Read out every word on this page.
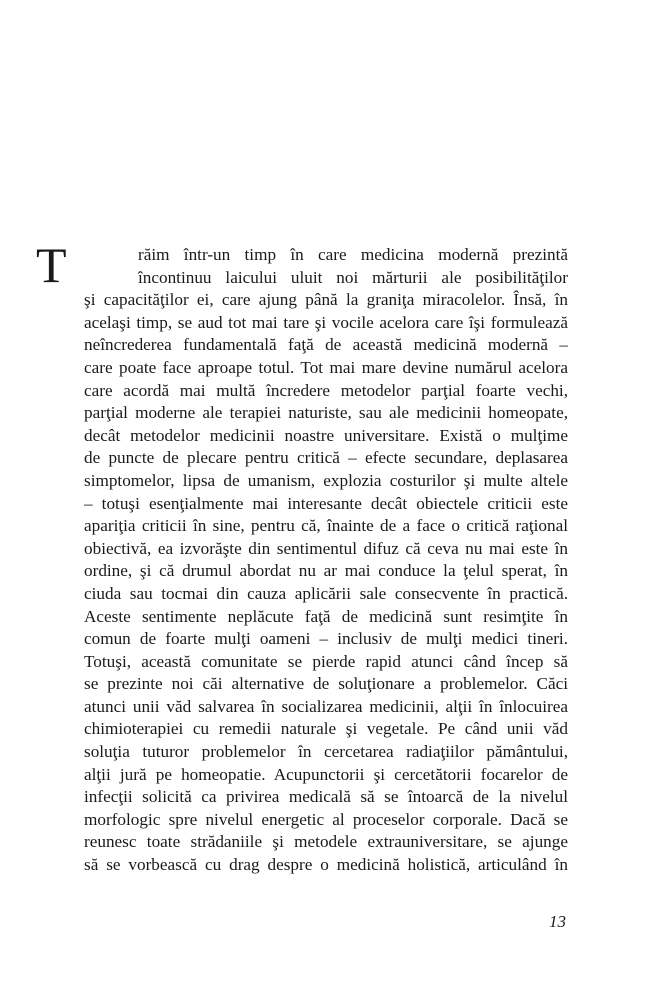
T	răim într-un timp în care medicina modernă prezintă
încontinuu laicului uluit noi mărturii ale posibilităţilor
şi capacităţilor ei, care ajung până la graniţa miracolelor. Însă, în
acelaşi timp, se aud tot mai tare şi vocile acelora care îşi formulează
neîncrederea fundamentală faţă de această medicină modernă –
care poate face aproape totul. Tot mai mare devine numărul acelora
care acordă mai multă încredere metodelor parţial foarte vechi,
parţial moderne ale terapiei naturiste, sau ale medicinii homeopate,
decât metodelor medicinii noastre universitare. Există o mulţime
de puncte de plecare pentru critică – efecte secundare, deplasarea
simptomelor, lipsa de umanism, explozia costurilor şi multe altele
– totuşi esenţialmente mai interesante decât obiectele criticii este
apariţia criticii în sine, pentru că, înainte de a face o critică raţional
obiectivă, ea izvorăşte din sentimentul difuz că ceva nu mai este în
ordine, şi că drumul abordat nu ar mai conduce la ţelul sperat, în
ciuda sau tocmai din cauza aplicării sale consecvente în practică.
Aceste sentimente neplăcute faţă de medicină sunt resimţite în
comun de foarte mulţi oameni – inclusiv de mulţi medici tineri.
Totuşi, această comunitate se pierde rapid atunci când încep să
se prezinte noi căi alternative de soluţionare a problemelor. Căci
atunci unii văd salvarea în socializarea medicinii, alţii în înlocuirea
chimioterapiei cu remedii naturale şi vegetale. Pe când unii văd
soluţia tuturor problemelor în cercetarea radiaţiilor pământului,
alţii jură pe homeopatie. Acupunctorii şi cercetătorii focarelor de
infecţii solicită ca privirea medicală să se întoarcă de la nivelul
morfologic spre nivelul energetic al proceselor corporale. Dacă se
reunesc toate strădaniile şi metodele extrauniversitare, se ajunge
să se vorbească cu drag despre o medicină holistică, articulând în
13
